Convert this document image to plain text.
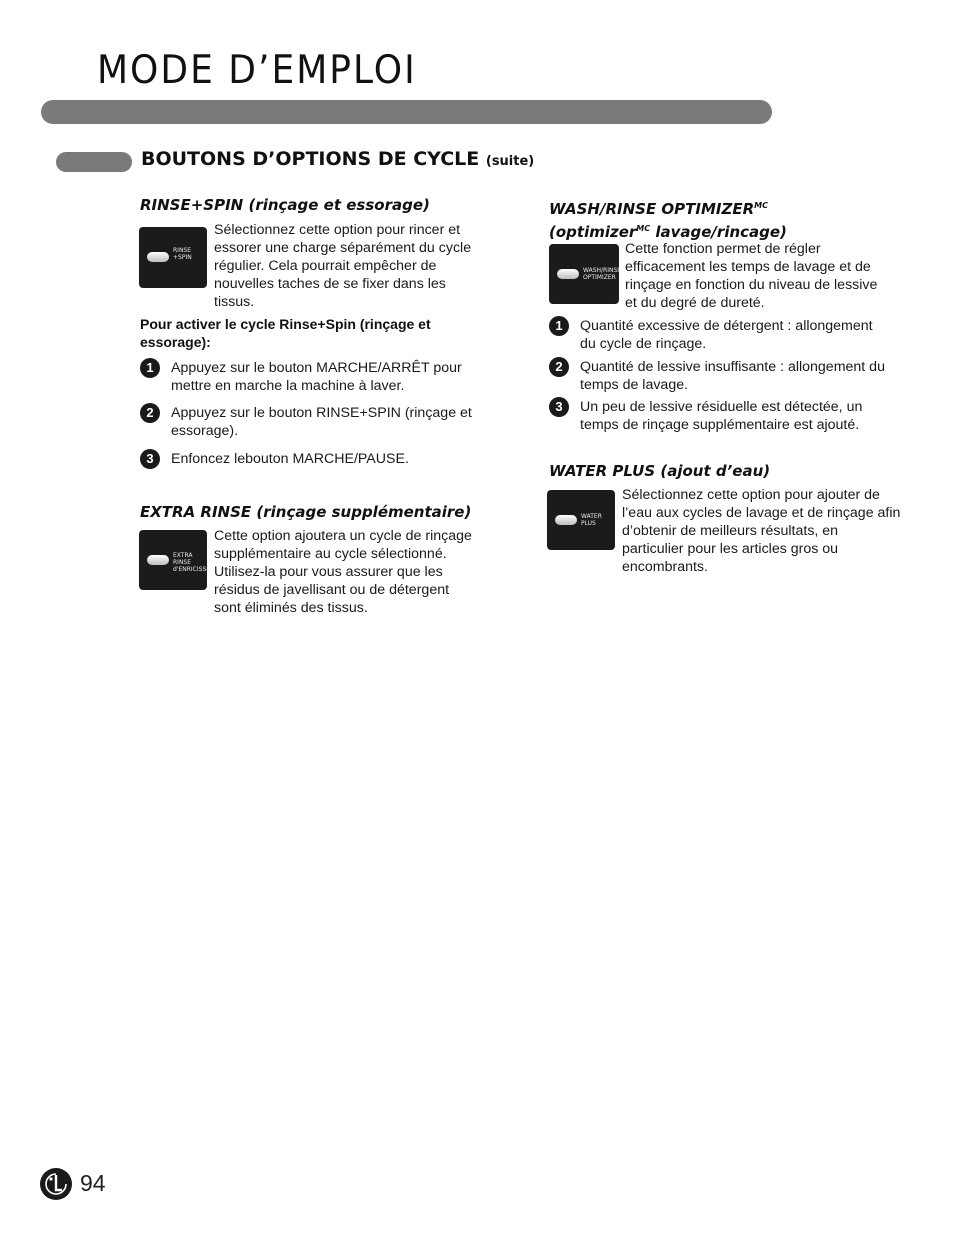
MODE D’EMPLOI
BOUTONS D’OPTIONS DE CYCLE (suite)
RINSE+SPIN (rinçage et essorage)
RINSE
+SPIN
Sélectionnez cette option pour rincer et essorer une charge séparément du cycle régulier. Cela pourrait empêcher de nouvelles taches de se fixer dans les tissus.
Pour activer le cycle Rinse+Spin (rinçage et essorage):
1	Appuyez sur le bouton MARCHE/ARRÊT pour mettre en marche la machine à laver.
2	Appuyez sur le bouton RINSE+SPIN (rinçage et essorage).
3	Enfoncez lebouton MARCHE/PAUSE.
EXTRA RINSE (rinçage supplémentaire)
EXTRA
RINSE
d'ENRICISSE
Cette option ajoutera un cycle de rinçage supplémentaire au cycle sélectionné. Utilisez-la pour vous assurer que les résidus de javellisant ou de détergent sont éliminés des tissus.
WASH/RINSE $OPTIMIZER^{MC}$
(optimizer$^{MC}$ lavage/rincage)
WASH/RINSE
OPTIMIZER
Cette fonction permet de régler efficacement les temps de lavage et de rinçage en fonction du niveau de lessive et du degré de dureté.
1	Quantité excessive de détergent : allongement du cycle de rinçage.
2	Quantité de lessive insuffisante : allongement du temps de lavage.
3	Un peu de lessive résiduelle est détectée, un temps de rinçage supplémentaire est ajouté.
WATER PLUS (ajout d’eau)
WATER
PLUS
Sélectionnez cette option pour ajouter de l’eau aux cycles de lavage et de rinçage afin d’obtenir de meilleurs résultats, en particulier pour les articles gros ou encombrants.
94
